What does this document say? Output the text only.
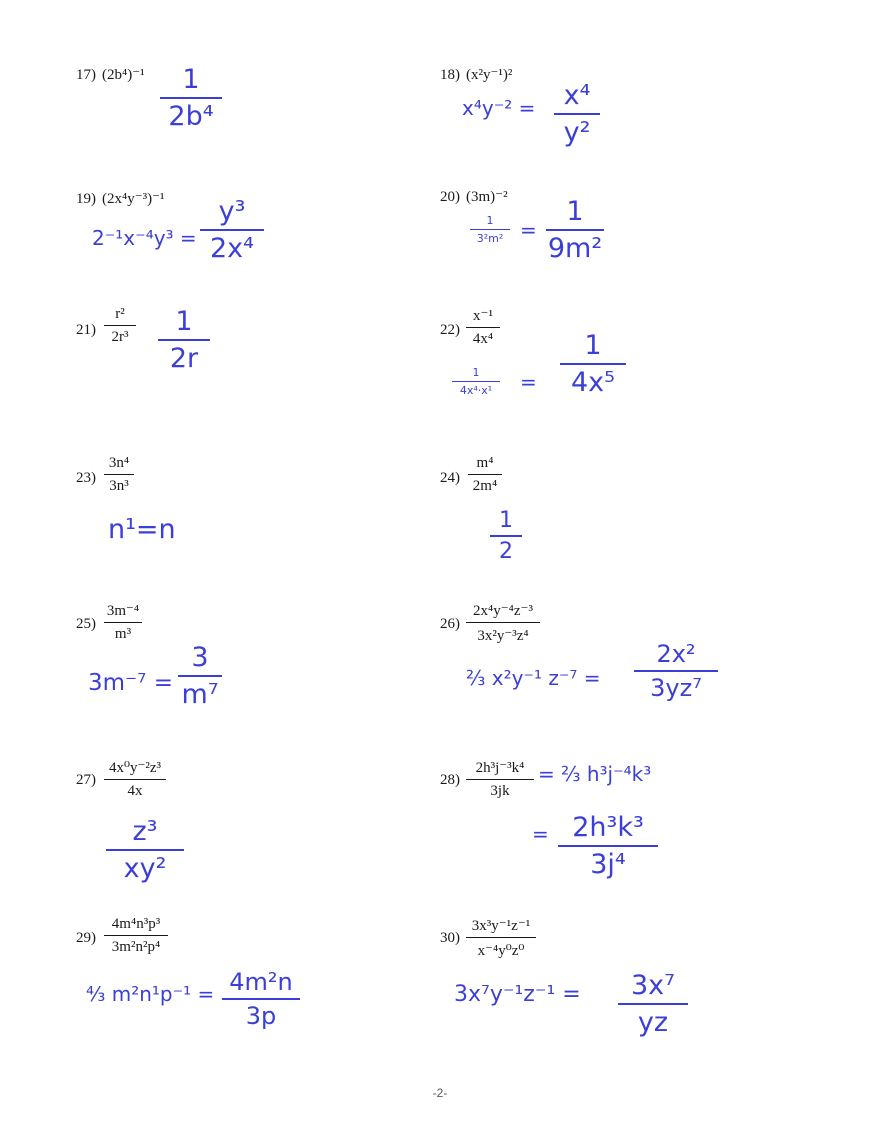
17) $(2b^4)^{-1} \frac{1}{\text{2b⁴}}$	18) (x²y⁻¹)²
$x^4y^{-2} = \frac{\text{x⁴}}{\text{y²}}$
19) (2x⁴y⁻³)⁻¹
$2^{-1}x^{-4}y^3 = \frac{\text{y³}}{\text{2x⁴}}$	20) (3m)⁻²
$\frac{1}{\text{3²m²}} = \frac{1}{\text{9m²}}$
$21) \frac{\text{r²}}{\text{2r³}} \frac{1}{2r}$	$22) \frac{\text{x⁻¹}}{\text{4x⁴}}$
$\frac{1}{\text{4x⁴·x¹}} = \frac{1}{\text{4x⁵}}$
$23) \frac{\text{3n⁴}}{\text{3n³}}$
n¹=n
$24) \frac{\text{m⁴}}{\text{2m⁴}}$
$\frac{1}{2}$
$25) \frac{\text{3m⁻⁴}}{\text{m³}}$
$3m^{-7} = \frac{3}{\text{m⁷}}$
$26) \frac{\text{2x⁴y⁻⁴z⁻³}}{\text{3x²y⁻³z⁴}}$
⅔ x²y⁻¹ $z^{-7} = \frac{\text{2x²}}{\text{3yz⁷}}$
$27) \frac{\text{4x⁰y⁻²z³}}{4x}$
$\frac{\text{z³}}{\text{xy²}}$
$28) \frac{\text{2h³j⁻³k⁴}}{3jk}$ = ⅔ h³j⁻⁴k³
= $\frac{\text{2h³k³}}{\text{3j⁴}}$
$29) \frac{\text{4m⁴n³p³}}{\text{3m²n²p⁴}}$
⁴⁄₃ $m^2n^1p^{-1} = \frac{\text{4m²n}}{3p}$
$30) \frac{\text{3x³y⁻¹z⁻¹}}{\text{x⁻⁴y⁰z⁰}}$
$3x^7y^{-1}z^{-1} = \frac{\text{3x⁷}}{yz}$
-2-
